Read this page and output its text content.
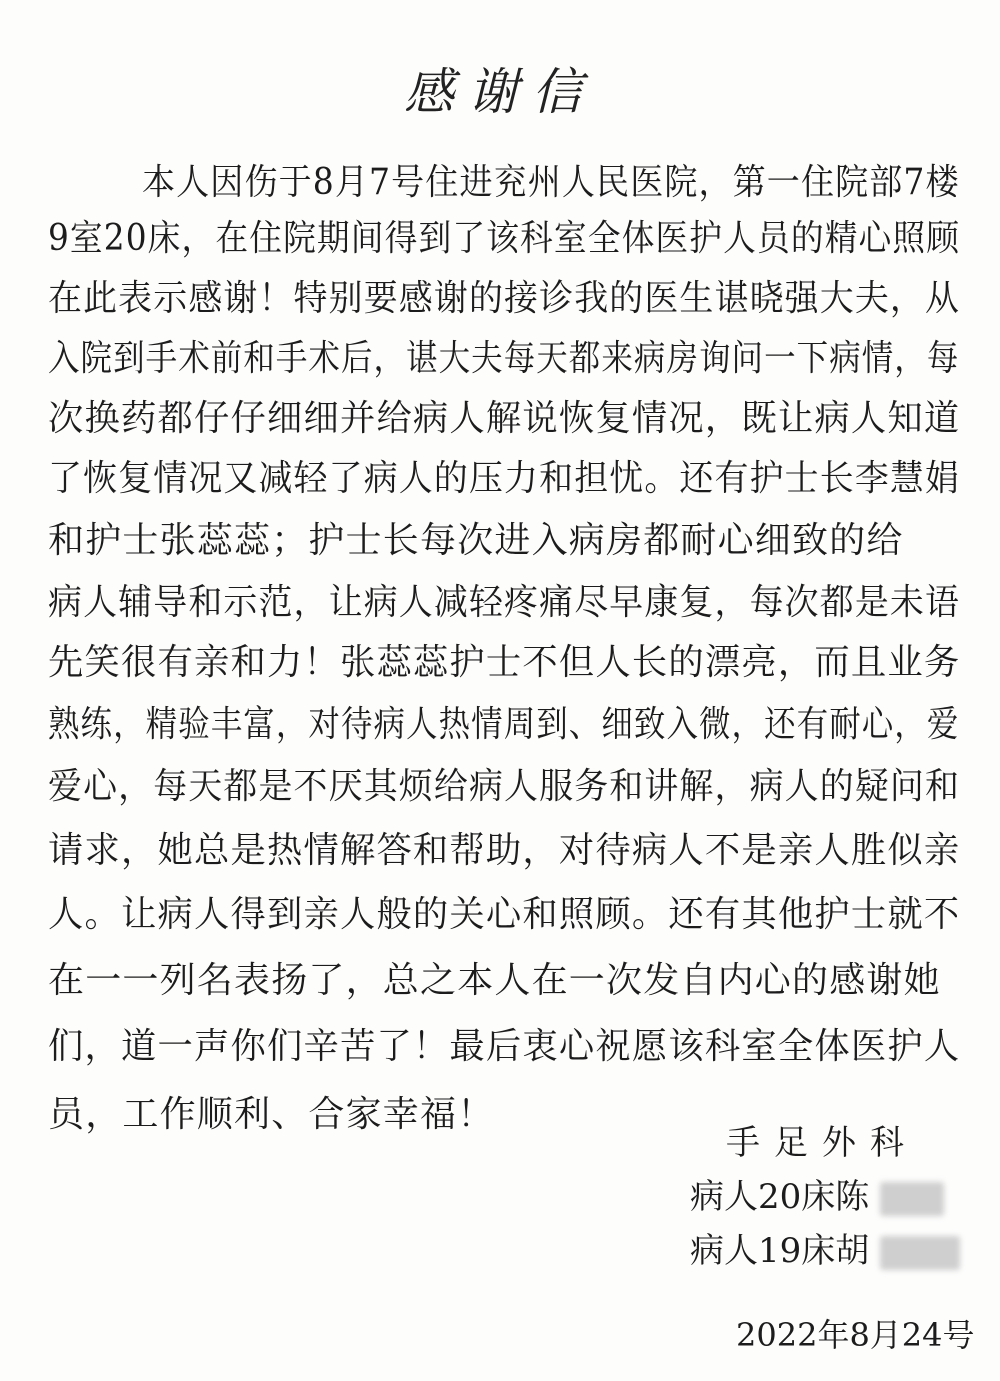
感谢信
本人因伤于8月7号住进兖州人民医院，第一住院部7楼
9室20床，在住院期间得到了该科室全体医护人员的精心照顾
在此表示感谢！特别要感谢的接诊我的医生谌晓强大夫，从
入院到手术前和手术后，谌大夫每天都来病房询问一下病情，每
次换药都仔仔细细并给病人解说恢复情况，既让病人知道
了恢复情况又减轻了病人的压力和担忧。还有护士长李慧娟
和护士张蕊蕊；护士长每次进入病房都耐心细致的给
病人辅导和示范，让病人减轻疼痛尽早康复，每次都是未语
先笑很有亲和力！张蕊蕊护士不但人长的漂亮，而且业务
熟练，精验丰富，对待病人热情周到、细致入微，还有耐心，爱
爱心，每天都是不厌其烦给病人服务和讲解，病人的疑问和
请求，她总是热情解答和帮助，对待病人不是亲人胜似亲
人。让病人得到亲人般的关心和照顾。还有其他护士就不
在一一列名表扬了，总之本人在一次发自内心的感谢她
们，道一声你们辛苦了！最后衷心祝愿该科室全体医护人
员，工作顺利、合家幸福！
手足外科
病人20床陈
病人19床胡
2022年8月24号
